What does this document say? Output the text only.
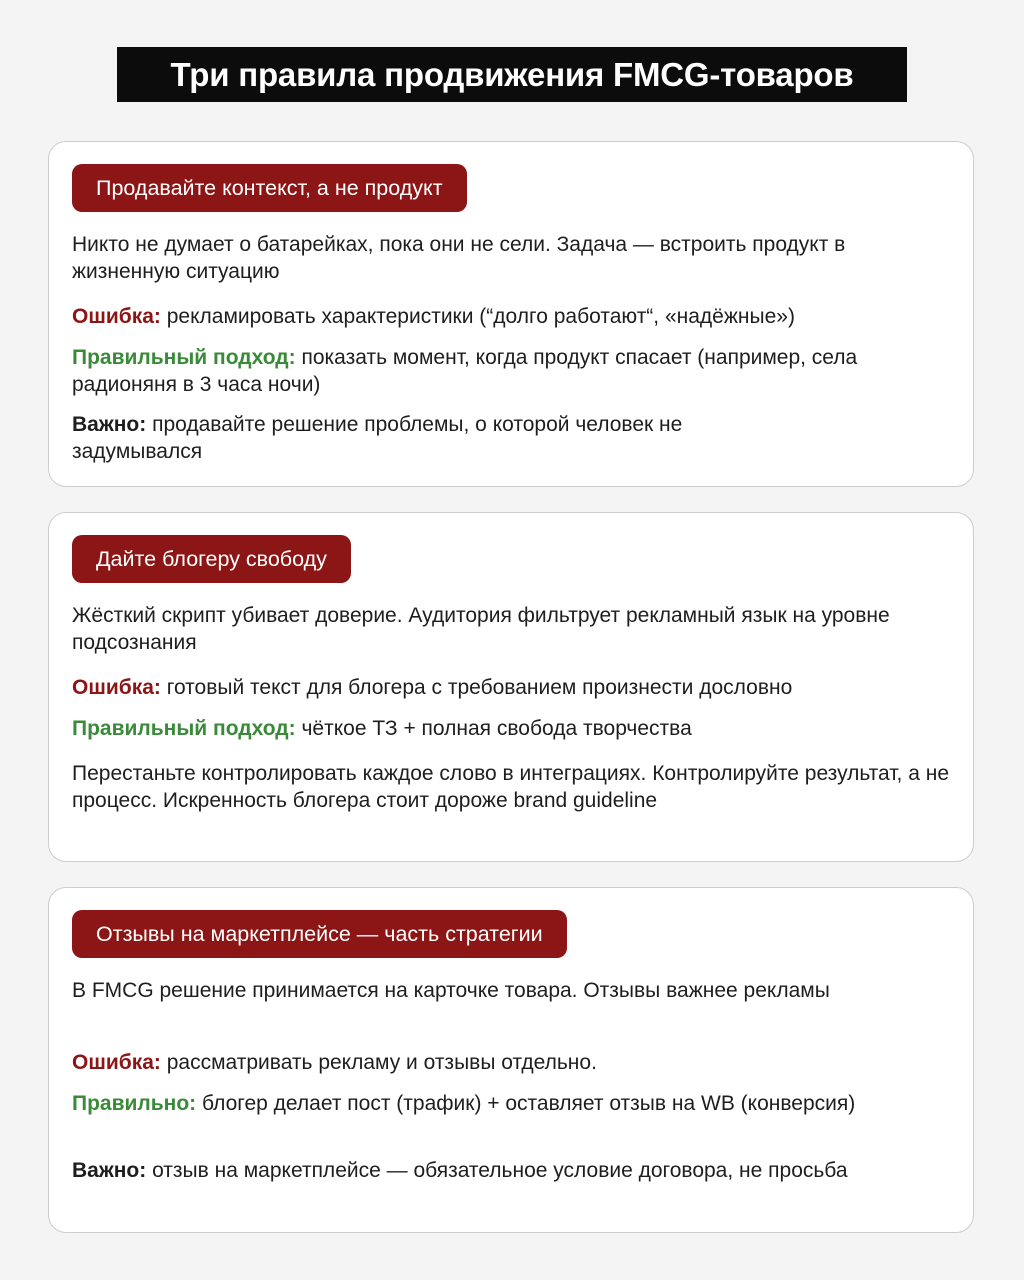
Три правила продвижения FMCG-товаров
Продавайте контекст, а не продукт
Никто не думает о батарейках, пока они не сели. Задача — встроить продукт в жизненную ситуацию
Ошибка: рекламировать характеристики (“долго работают“, «надёжные»)
Правильный подход: показать момент, когда продукт спасает (например, села радионяня в 3 часа ночи)
Важно: продавайте решение проблемы, о которой человек не задумывался
Дайте блогеру свободу
Жёсткий скрипт убивает доверие. Аудитория фильтрует рекламный язык на уровне подсознания
Ошибка: готовый текст для блогера с требованием произнести дословно
Правильный подход: чёткое ТЗ + полная свобода творчества
Перестаньте контролировать каждое слово в интеграциях. Контролируйте результат, а не процесс. Искренность блогера стоит дороже brand guideline
Отзывы на маркетплейсе — часть стратегии
В FMCG решение принимается на карточке товара. Отзывы важнее рекламы
Ошибка: рассматривать рекламу и отзывы отдельно.
Правильно: блогер делает пост (трафик) + оставляет отзыв на WB (конверсия)
Важно: отзыв на маркетплейсе — обязательное условие договора, не просьба
